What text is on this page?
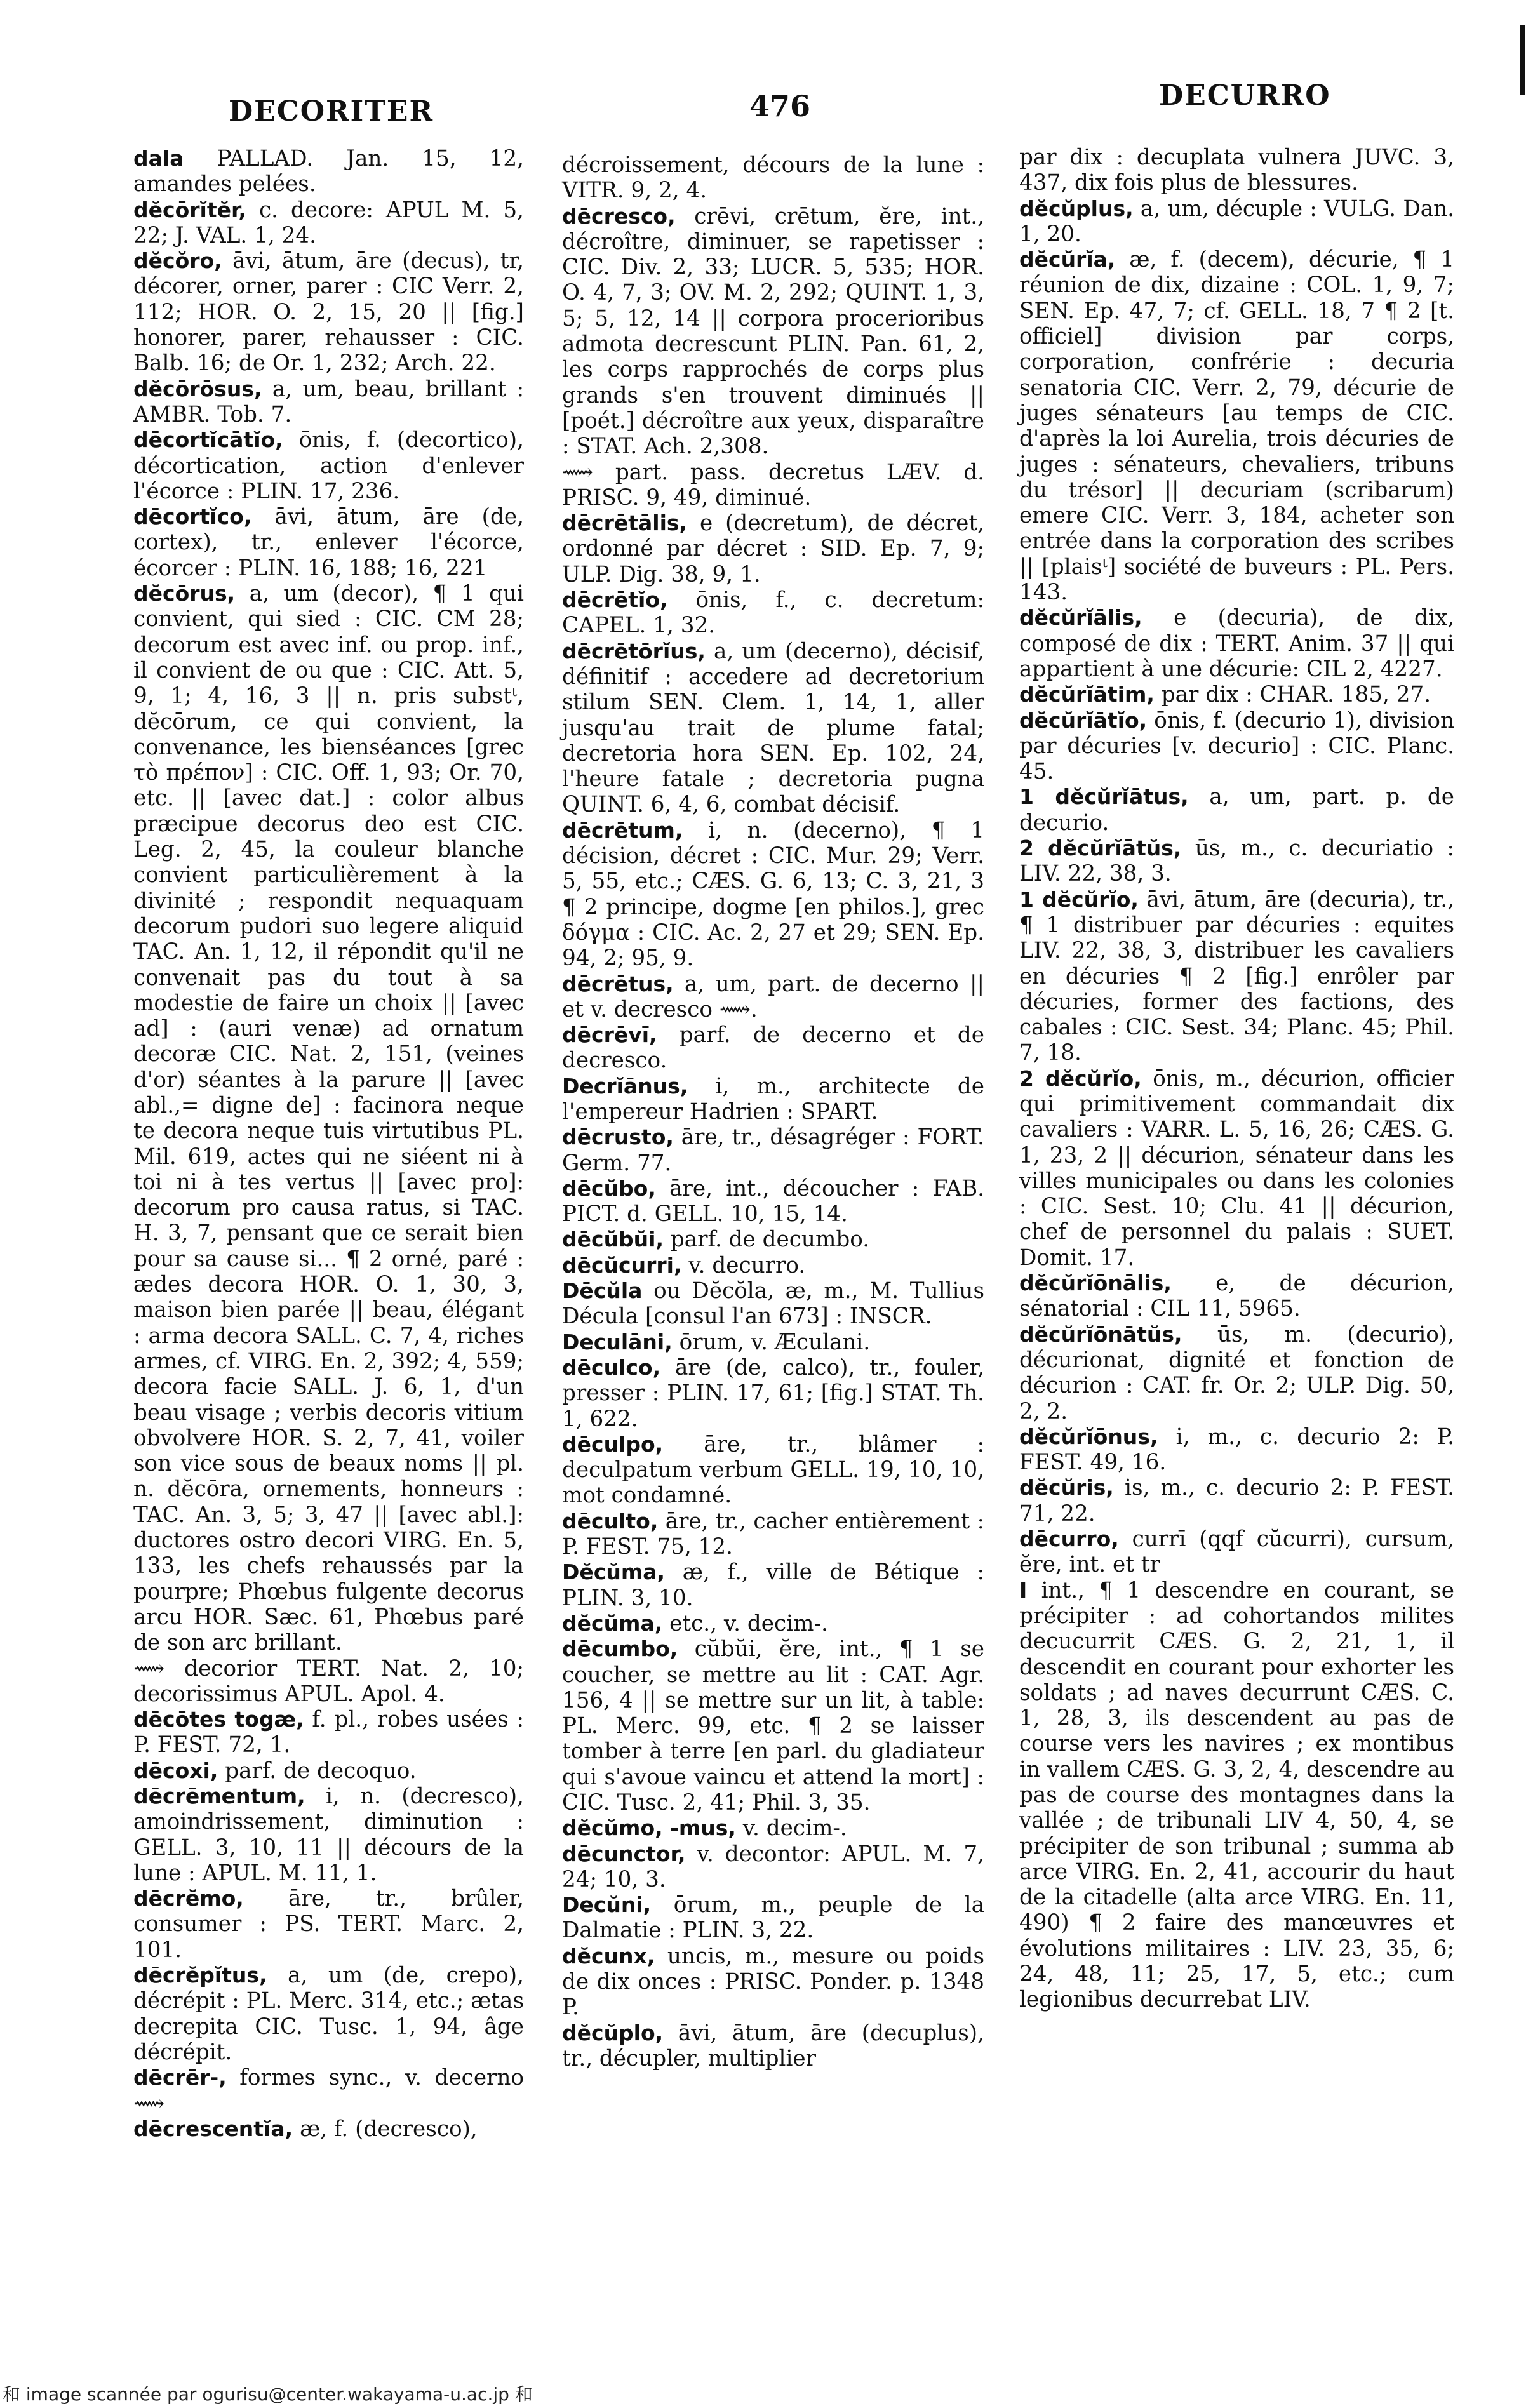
DECORITER	476	DECURRO

dala PALLAD. Jan. 15, 12, amandes pelées.

dĕcōrĭtĕr, c. decore: APUL M. 5, 22; J. VAL. 1, 24.

dĕcŏro, āvi, ātum, āre (decus), tr, décorer, orner, parer : CIC Verr. 2, 112; HOR. O. 2, 15, 20 || [fig.] honorer, parer, rehausser : CIC. Balb. 16; de Or. 1, 232; Arch. 22.

dĕcōrōsus, a, um, beau, brillant : AMBR. Tob. 7.

dēcortĭcātĭo, ōnis, f. (decortico), décortication, action d'enlever l'écorce : PLIN. 17, 236.

dēcortĭco, āvi, ātum, āre (de, cortex), tr., enlever l'écorce, écorcer : PLIN. 16, 188; 16, 221

dĕcōrus, a, um (decor), ¶ 1 qui convient, qui sied : CIC. CM 28; decorum est avec inf. ou prop. inf., il convient de ou que : CIC. Att. 5, 9, 1; 4, 16, 3 || n. pris substᵗ, dĕcōrum, ce qui convient, la convenance, les bienséances [grec τὸ πρέπον] : CIC. Off. 1, 93; Or. 70, etc. || [avec dat.] : color albus præcipue decorus deo est CIC. Leg. 2, 45, la couleur blanche convient particulièrement à la divinité ; respondit nequaquam decorum pudori suo legere aliquid TAC. An. 1, 12, il répondit qu'il ne convenait pas du tout à sa modestie de faire un choix || [avec ad] : (auri venæ) ad ornatum decoræ CIC. Nat. 2, 151, (veines d'or) séantes à la parure || [avec abl.,= digne de] : facinora neque te decora neque tuis virtutibus PL. Mil. 619, actes qui ne siéent ni à toi ni à tes vertus || [avec pro]: decorum pro causa ratus, si TAC. H. 3, 7, pensant que ce serait bien pour sa cause si... ¶ 2 orné, paré : ædes decora HOR. O. 1, 30, 3, maison bien parée || beau, élégant : arma decora SALL. C. 7, 4, riches armes, cf. VIRG. En. 2, 392; 4, 559; decora facie SALL. J. 6, 1, d'un beau visage ; verbis decoris vitium obvolvere HOR. S. 2, 7, 41, voiler son vice sous de beaux noms || pl. n. dĕcōra, ornements, honneurs : TAC. An. 3, 5; 3, 47 || [avec abl.]: ductores ostro decori VIRG. En. 5, 133, les chefs rehaussés par la pourpre; Phœbus fulgente decorus arcu HOR. Sæc. 61, Phœbus paré de son arc brillant.

⟿ decorior TERT. Nat. 2, 10; decorissimus APUL. Apol. 4.

dēcōtes togæ, f. pl., robes usées : P. FEST. 72, 1.

dēcoxi, parf. de decoquo.

dēcrēmentum, i, n. (decresco), amoindrissement, diminution : GELL. 3, 10, 11 || décours de la lune : APUL. M. 11, 1.

dēcrĕmo, āre, tr., brûler, consumer : PS. TERT. Marc. 2, 101.

dēcrĕpĭtus, a, um (de, crepo), décrépit : PL. Merc. 314, etc.; ætas decrepita CIC. Tusc. 1, 94, âge décrépit.

dēcrēr-, formes sync., v. decerno ⟿

dēcrescentĭa, æ, f. (decresco),

décroissement, décours de la lune : VITR. 9, 2, 4.

dēcresco, crēvi, crētum, ĕre, int., décroître, diminuer, se rapetisser : CIC. Div. 2, 33; LUCR. 5, 535; HOR. O. 4, 7, 3; OV. M. 2, 292; QUINT. 1, 3, 5; 5, 12, 14 || corpora procerioribus admota decrescunt PLIN. Pan. 61, 2, les corps rapprochés de corps plus grands s'en trouvent diminués || [poét.] décroître aux yeux, disparaître : STAT. Ach. 2,308.

⟿ part. pass. decretus LÆV. d. PRISC. 9, 49, diminué.

dēcrētālis, e (decretum), de décret, ordonné par décret : SID. Ep. 7, 9; ULP. Dig. 38, 9, 1.

dēcrētĭo, ōnis, f., c. decretum: CAPEL. 1, 32.

dēcrētōrĭus, a, um (decerno), décisif, définitif : accedere ad decretorium stilum SEN. Clem. 1, 14, 1, aller jusqu'au trait de plume fatal; decretoria hora SEN. Ep. 102, 24, l'heure fatale ; decretoria pugna QUINT. 6, 4, 6, combat décisif.

dēcrētum, i, n. (decerno), ¶ 1 décision, décret : CIC. Mur. 29; Verr. 5, 55, etc.; CÆS. G. 6, 13; C. 3, 21, 3 ¶ 2 principe, dogme [en philos.], grec δόγμα : CIC. Ac. 2, 27 et 29; SEN. Ep. 94, 2; 95, 9.

dēcrētus, a, um, part. de decerno || et v. decresco ⟿.

dēcrēvī, parf. de decerno et de decresco.

Decrĭānus, i, m., architecte de l'empereur Hadrien : SPART.

dēcrusto, āre, tr., désagréger : FORT. Germ. 77.

dēcŭbo, āre, int., découcher : FAB. PICT. d. GELL. 10, 15, 14.

dēcŭbŭi, parf. de decumbo.

dēcŭcurri, v. decurro.

Dēcŭla ou Dĕcŏla, æ, m., M. Tullius Décula [consul l'an 673] : INSCR.

Deculāni, ōrum, v. Æculani.

dēculco, āre (de, calco), tr., fouler, presser : PLIN. 17, 61; [fig.] STAT. Th. 1, 622.

dēculpo, āre, tr., blâmer : deculpatum verbum GELL. 19, 10, 10, mot condamné.

dēculto, āre, tr., cacher entièrement : P. FEST. 75, 12.

Dĕcŭma, æ, f., ville de Bétique : PLIN. 3, 10.

dĕcŭma, etc., v. decim-.

dēcumbo, cŭbŭi, ĕre, int., ¶ 1 se coucher, se mettre au lit : CAT. Agr. 156, 4 || se mettre sur un lit, à table: PL. Merc. 99, etc. ¶ 2 se laisser tomber à terre [en parl. du gladiateur qui s'avoue vaincu et attend la mort] : CIC. Tusc. 2, 41; Phil. 3, 35.

dĕcŭmo, -mus, v. decim-.

dēcunctor, v. decontor: APUL. M. 7, 24; 10, 3.

Decŭni, ōrum, m., peuple de la Dalmatie : PLIN. 3, 22.

dĕcunx, uncis, m., mesure ou poids de dix onces : PRISC. Ponder. p. 1348 P.

dĕcŭplo, āvi, ātum, āre (decuplus), tr., décupler, multiplier

par dix : decuplata vulnera JUVC. 3, 437, dix fois plus de blessures.

dĕcŭplus, a, um, décuple : VULG. Dan. 1, 20.

dĕcŭrĭa, æ, f. (decem), décurie, ¶ 1 réunion de dix, dizaine : COL. 1, 9, 7; SEN. Ep. 47, 7; cf. GELL. 18, 7 ¶ 2 [t. officiel] division par corps, corporation, confrérie : decuria senatoria CIC. Verr. 2, 79, décurie de juges sénateurs [au temps de CIC. d'après la loi Aurelia, trois décuries de juges : sénateurs, chevaliers, tribuns du trésor] || decuriam (scribarum) emere CIC. Verr. 3, 184, acheter son entrée dans la corporation des scribes || [plaisᵗ] société de buveurs : PL. Pers. 143.

dĕcŭrĭālis, e (decuria), de dix, composé de dix : TERT. Anim. 37 || qui appartient à une décurie: CIL 2, 4227.

dĕcŭrĭātim, par dix : CHAR. 185, 27.

dĕcŭrĭātĭo, ōnis, f. (decurio 1), division par décuries [v. decurio] : CIC. Planc. 45.

1 dĕcŭrĭātus, a, um, part. p. de decurio.

2 dĕcŭrĭātŭs, ūs, m., c. decuriatio : LIV. 22, 38, 3.

1 dĕcŭrĭo, āvi, ātum, āre (decuria), tr., ¶ 1 distribuer par décuries : equites LIV. 22, 38, 3, distribuer les cavaliers en décuries ¶ 2 [fig.] enrôler par décuries, former des factions, des cabales : CIC. Sest. 34; Planc. 45; Phil. 7, 18.

2 dĕcŭrĭo, ōnis, m., décurion, officier qui primitivement commandait dix cavaliers : VARR. L. 5, 16, 26; CÆS. G. 1, 23, 2 || décurion, sénateur dans les villes municipales ou dans les colonies : CIC. Sest. 10; Clu. 41 || décurion, chef de personnel du palais : SUET. Domit. 17.

dĕcŭrĭōnālis, e, de décurion, sénatorial : CIL 11, 5965.

dĕcŭrĭōnātŭs, ūs, m. (decurio), décurionat, dignité et fonction de décurion : CAT. fr. Or. 2; ULP. Dig. 50, 2, 2.

dĕcŭrĭōnus, i, m., c. decurio 2: P. FEST. 49, 16.

dĕcŭris, is, m., c. decurio 2: P. FEST. 71, 22.

dēcurro, currī (qqf cŭcurri), cursum, ĕre, int. et tr

I int., ¶ 1 descendre en courant, se précipiter : ad cohortandos milites decucurrit CÆS. G. 2, 21, 1, il descendit en courant pour exhorter les soldats ; ad naves decurrunt CÆS. C. 1, 28, 3, ils descendent au pas de course vers les navires ; ex montibus in vallem CÆS. G. 3, 2, 4, descendre au pas de course des montagnes dans la vallée ; de tribunali LIV 4, 50, 4, se précipiter de son tribunal ; summa ab arce VIRG. En. 2, 41, accourir du haut de la citadelle (alta arce VIRG. En. 11, 490) ¶ 2 faire des manœuvres et évolutions militaires : LIV. 23, 35, 6; 24, 48, 11; 25, 17, 5, etc.; cum legionibus decurrebat LIV.

和 image scannée par ogurisu@center.wakayama-u.ac.jp 和
